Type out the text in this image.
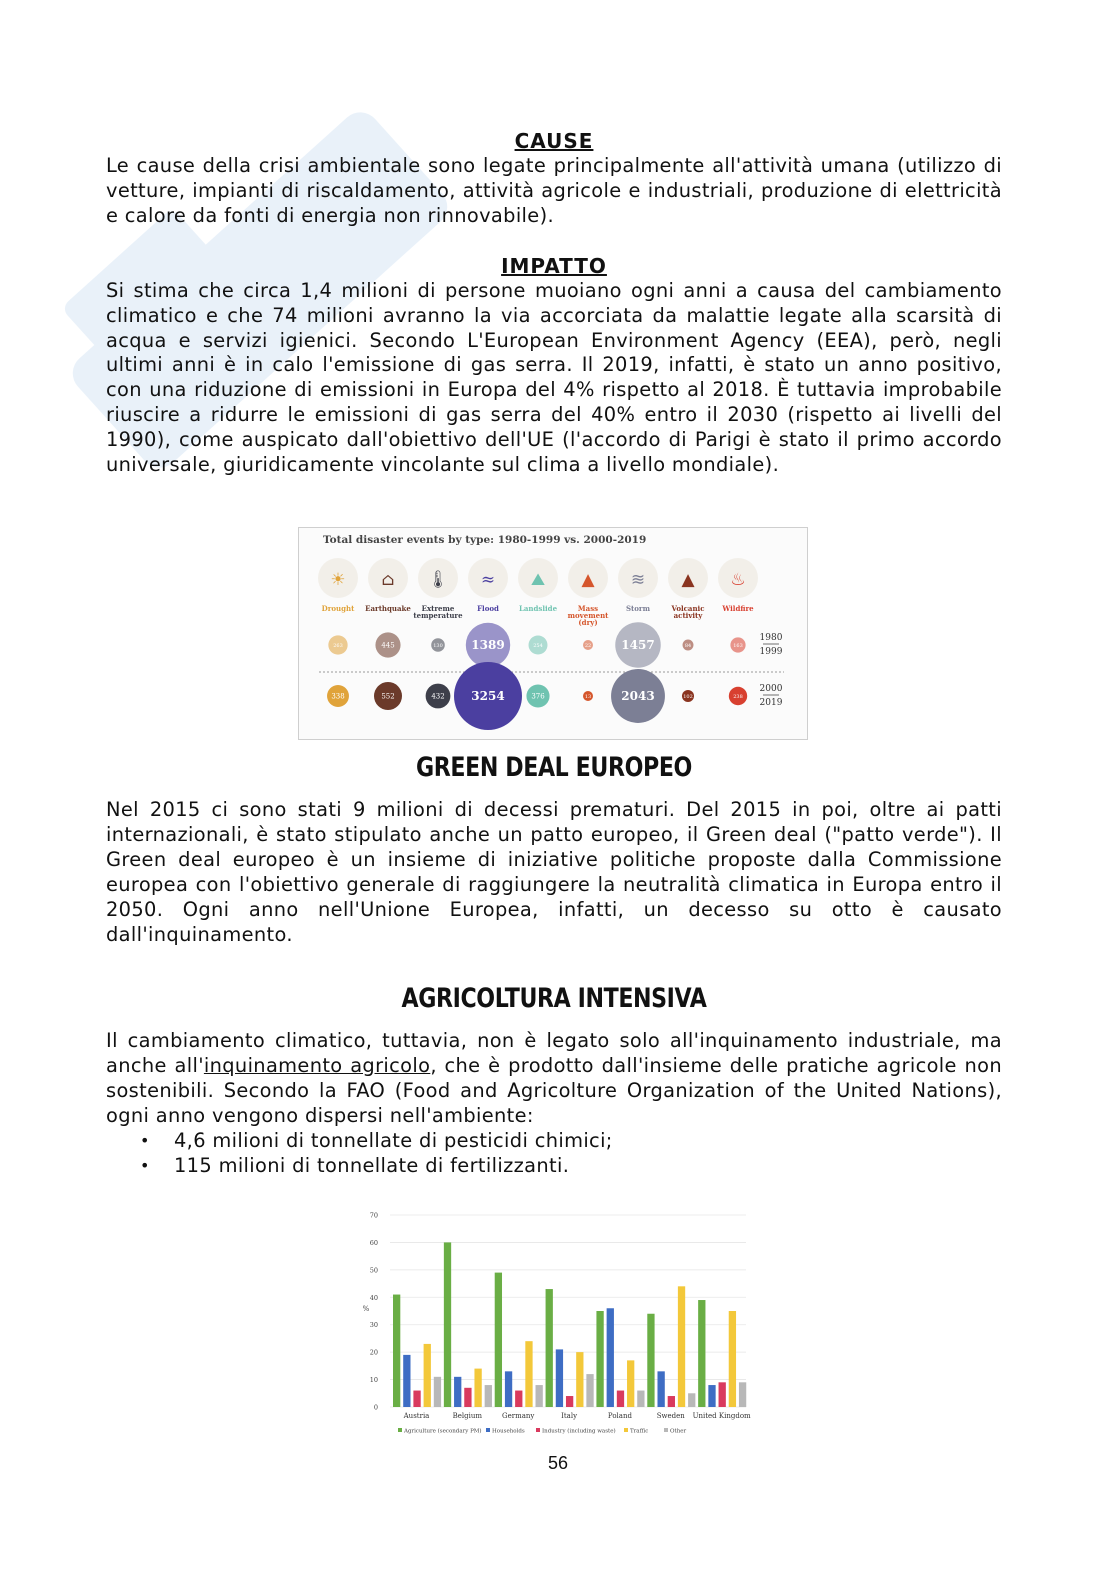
CAUSE

Le cause della crisi ambientale sono legate principalmente all'attività umana (utilizzo di vetture, impianti di riscaldamento, attività agricole e industriali, produzione di elettricità e calore da fonti di energia non rinnovabile).

IMPATTO

Si stima che circa 1,4 milioni di persone muoiano ogni anni a causa del cambiamento climatico e che 74 milioni avranno la via accorciata da malattie legate alla scarsità di acqua e servizi igienici. Secondo L'European Environment Agency (EEA), però, negli ultimi anni è in calo l'emissione di gas serra. Il 2019, infatti, è stato un anno positivo, con una riduzione di emissioni in Europa del 4% rispetto al 2018. È tuttavia improbabile riuscire a ridurre le emissioni di gas serra del 40% entro il 2030 (rispetto ai livelli del 1990), come auspicato dall'obiettivo dell'UE (l'accordo di Parigi è stato il primo accordo universale, giuridicamente vincolante sul clima a livello mondiale).

GREEN DEAL EUROPEO

Nel 2015 ci sono stati 9 milioni di decessi prematuri. Del 2015 in poi, oltre ai patti internazionali, è stato stipulato anche un patto europeo, il Green deal ("patto verde"). Il Green deal europeo è un insieme di iniziative politiche proposte dalla Commissione europea con l'obiettivo generale di raggiungere la neutralità climatica in Europa entro il 2050. Ogni anno nell'Unione Europea, infatti, un decesso su otto è causato dall'inquinamento.

AGRICOLTURA INTENSIVA

Il cambiamento climatico, tuttavia, non è legato solo all'inquinamento industriale, ma anche all'inquinamento agricolo, che è prodotto dall'insieme delle pratiche agricole non sostenibili. Secondo la FAO (Food and Agricolture Organization of the United Nations), ogni anno vengono dispersi nell'ambiente:

• 4,6 milioni di tonnellate di pesticidi chimici;
• 115 milioni di tonnellate di fertilizzanti.
Total disaster events by type: 1980-1999 vs. 2000-2019
☀
Drought
⌂
Earthquake
🌡
Extreme
temperature
≈
Flood
⛰
Landslide
▲
Mass
movement
(dry)
≋
Storm
▲
Volcanic
activity
♨
Wildfire
263	445	130 1389	254	22	1457	84	163
1980
1999
338	552	432 3254	376	13	2043	102	238
2000
2019
0
10
20
30
40
50
60
70
%
Austria	Belgium	Germany	Italy	Poland	Sweden United Kingdom
Agriculture (secondary PM) Households	Industry (including waste)	Traffic	Other
56
